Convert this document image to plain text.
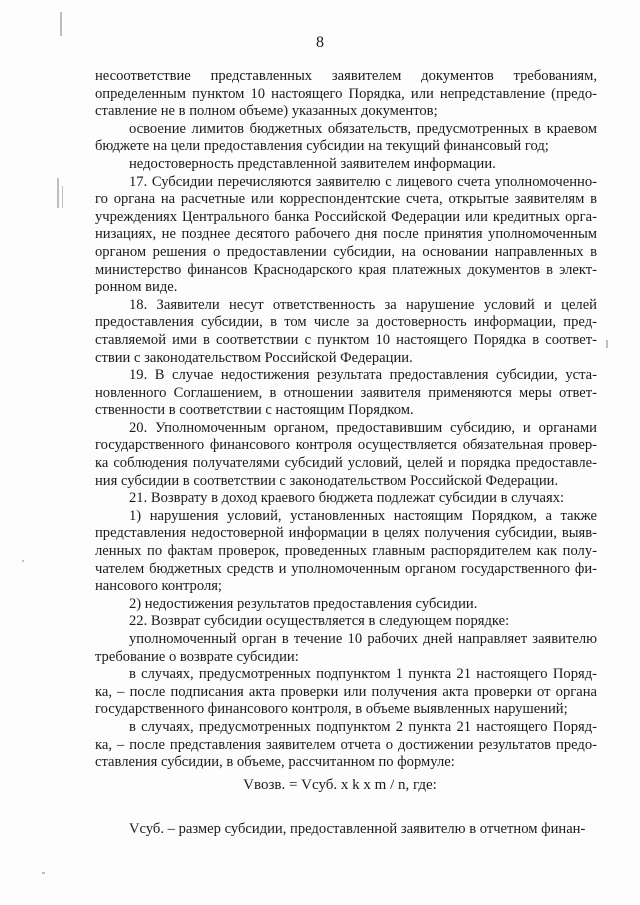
8

несоответствие представленных заявителем документов требованиям, определенным пунктом 10 настоящего Порядка, или непредставление (предо-ставление не в полном объеме) указанных документов;

освоение лимитов бюджетных обязательств, предусмотренных в краевом бюджете на цели предоставления субсидии на текущий финансовый год;

недостоверность представленной заявителем информации.

17. Субсидии перечисляются заявителю с лицевого счета уполномоченно-го органа на расчетные или корреспондентские счета, открытые заявителям в учреждениях Центрального банка Российской Федерации или кредитных орга-низациях, не позднее десятого рабочего дня после принятия уполномоченным органом решения о предоставлении субсидии, на основании направленных в министерство финансов Краснодарского края платежных документов в элект-ронном виде.

18. Заявители несут ответственность за нарушение условий и целей предоставления субсидии, в том числе за достоверность информации, пред-ставляемой ими в соответствии с пунктом 10 настоящего Порядка в соответ-ствии с законодательством Российской Федерации.

19. В случае недостижения результата предоставления субсидии, уста-новленного Соглашением, в отношении заявителя применяются меры ответ-ственности в соответствии с настоящим Порядком.

20. Уполномоченным органом, предоставившим субсидию, и органами государственного финансового контроля осуществляется обязательная провер-ка соблюдения получателями субсидий условий, целей и порядка предоставле-ния субсидии в соответствии с законодательством Российской Федерации.

21. Возврату в доход краевого бюджета подлежат субсидии в случаях:

1) нарушения условий, установленных настоящим Порядком, а также представления недостоверной информации в целях получения субсидии, выяв-ленных по фактам проверок, проведенных главным распорядителем как полу-чателем бюджетных средств и уполномоченным органом государственного фи-нансового контроля;

2) недостижения результатов предоставления субсидии.

22. Возврат субсидии осуществляется в следующем порядке:

уполномоченный орган в течение 10 рабочих дней направляет заявителю требование о возврате субсидии:

в случаях, предусмотренных подпунктом 1 пункта 21 настоящего Поряд-ка, – после подписания акта проверки или получения акта проверки от органа государственного финансового контроля, в объеме выявленных нарушений;

в случаях, предусмотренных подпунктом 2 пункта 21 настоящего Поряд-ка, – после представления заявителем отчета о достижении результатов предо-ставления субсидии, в объеме, рассчитанном по формуле:

Vвозв. = Vсуб. х k х m / n, где:
Vсуб. – размер субсидии, предоставленной заявителю в отчетном финан-
